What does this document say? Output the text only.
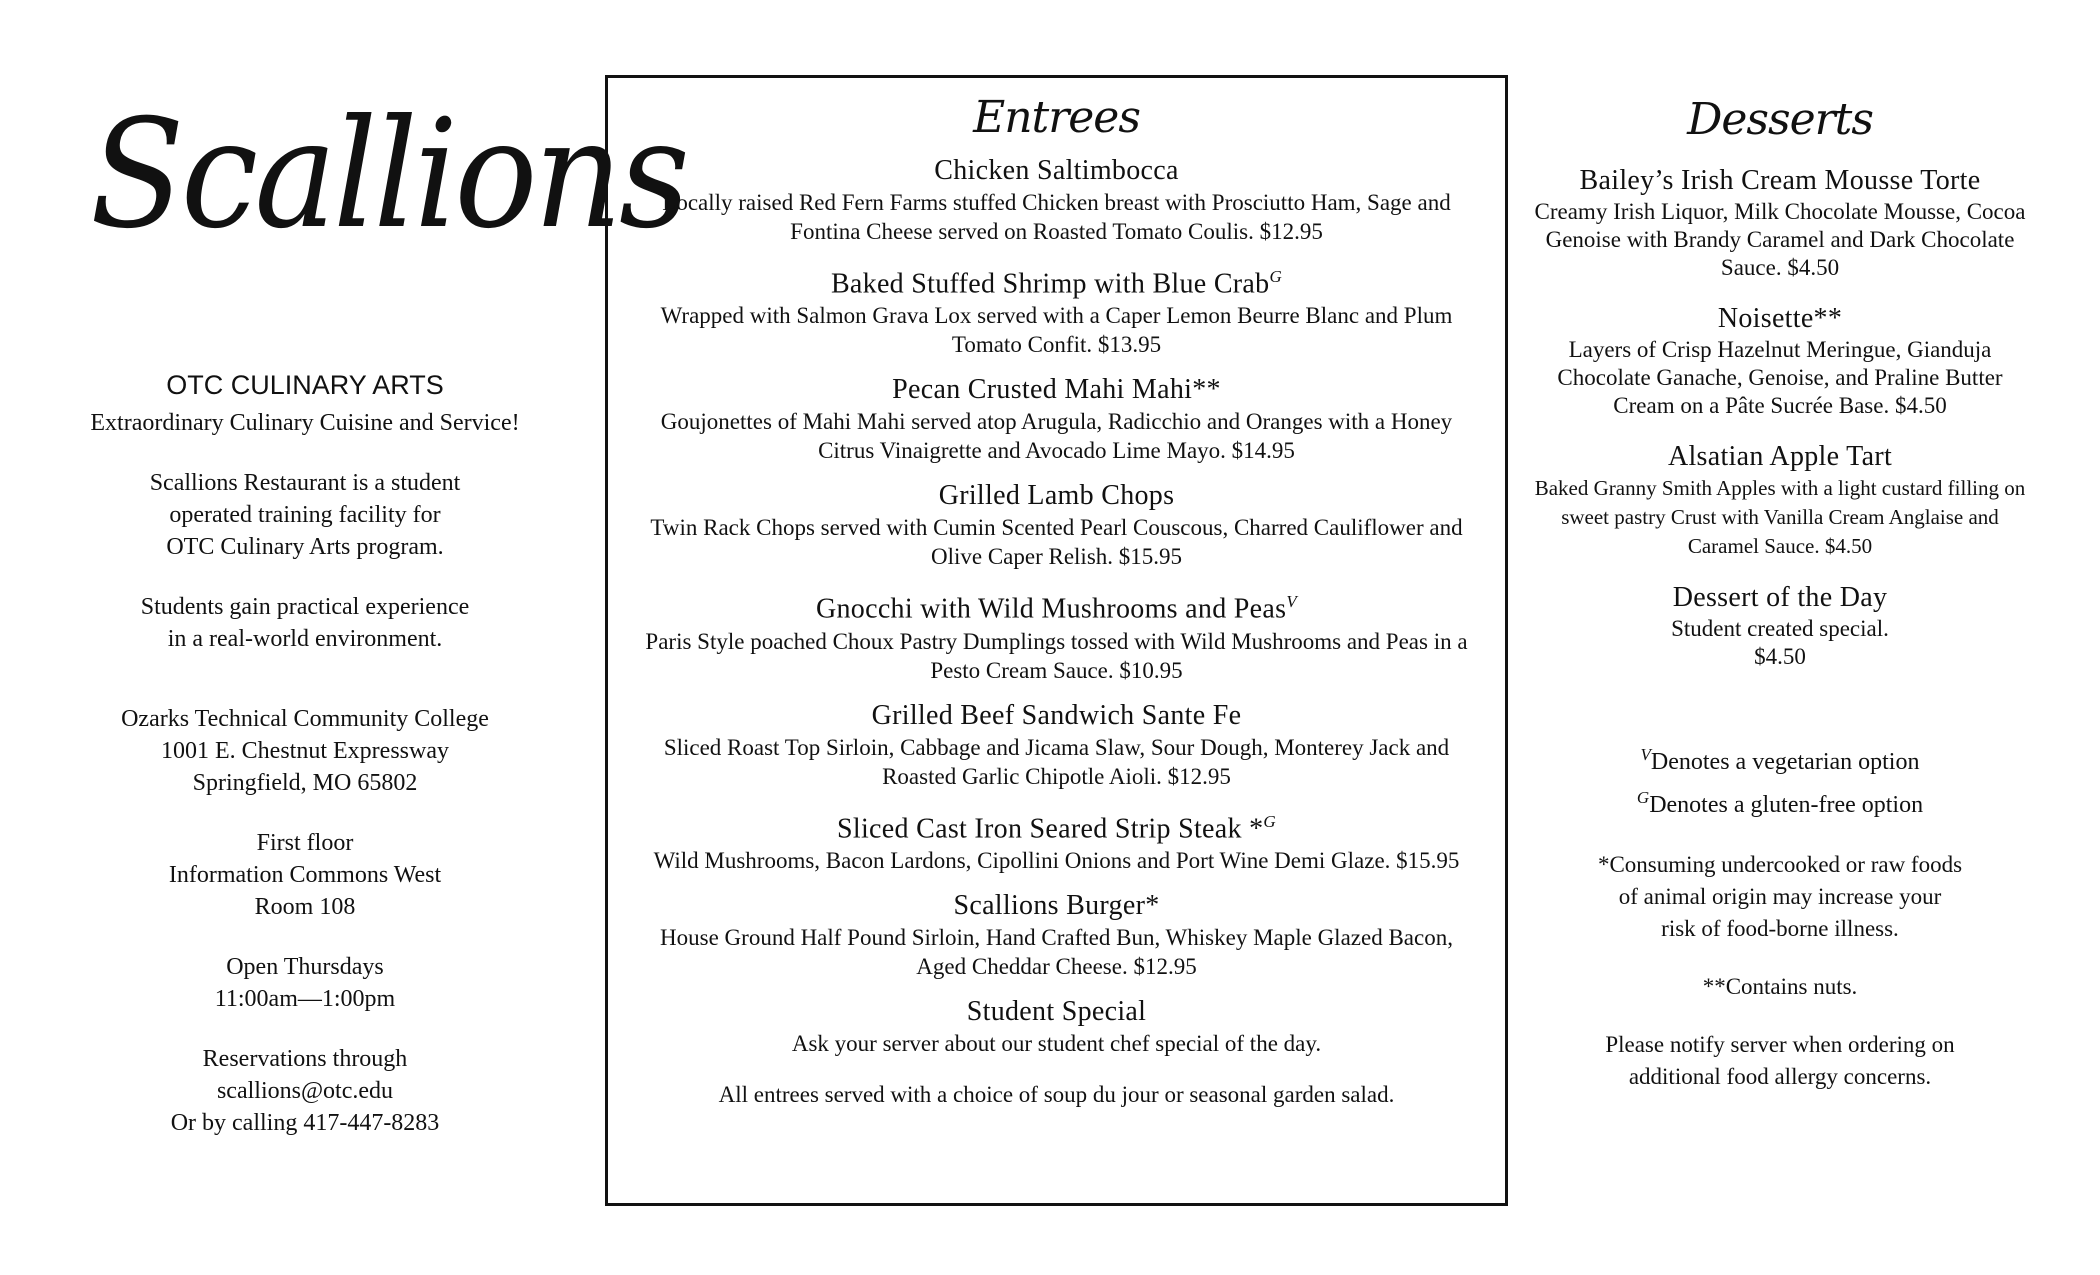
Scallions
OTC CULINARY ARTS

Extraordinary Culinary Cuisine and Service!

Scallions Restaurant is a student

operated training facility for

OTC Culinary Arts program.

Students gain practical experience

in a real-world environment.

Ozarks Technical Community College

1001 E. Chestnut Expressway

Springfield, MO 65802

First floor

Information Commons West

Room 108

Open Thursdays

11:00am—1:00pm

Reservations through

scallions@otc.edu

Or by calling 417-447-8283

Entrees
Chicken Saltimbocca
Locally raised Red Fern Farms stuffed Chicken breast with Prosciutto Ham, Sage and Fontina Cheese served on Roasted Tomato Coulis. $12.95
Baked Stuffed Shrimp with Blue Crab$^G$
Wrapped with Salmon Grava Lox served with a Caper Lemon Beurre Blanc and Plum Tomato Confit. $13.95
Pecan Crusted Mahi Mahi**
Goujonettes of Mahi Mahi served atop Arugula, Radicchio and Oranges with a Honey Citrus Vinaigrette and Avocado Lime Mayo. $14.95
Grilled Lamb Chops
Twin Rack Chops served with Cumin Scented Pearl Couscous, Charred Cauliflower and Olive Caper Relish. $15.95
Gnocchi with Wild Mushrooms and Peas$^V$
Paris Style poached Choux Pastry Dumplings tossed with Wild Mushrooms and Peas in a Pesto Cream Sauce. $10.95
Grilled Beef Sandwich Sante Fe
Sliced Roast Top Sirloin, Cabbage and Jicama Slaw, Sour Dough, Monterey Jack and Roasted Garlic Chipotle Aioli. $12.95
Sliced Cast Iron Seared Strip Steak *$^G$
Wild Mushrooms, Bacon Lardons, Cipollini Onions and Port Wine Demi Glaze. $15.95
Scallions Burger*
House Ground Half Pound Sirloin, Hand Crafted Bun, Whiskey Maple Glazed Bacon, Aged Cheddar Cheese. $12.95
Student Special
Ask your server about our student chef special of the day.
All entrees served with a choice of soup du jour or seasonal garden salad.
Desserts
Bailey’s Irish Cream Mousse Torte
Creamy Irish Liquor, Milk Chocolate Mousse, Cocoa Genoise with Brandy Caramel and Dark Chocolate Sauce. $4.50
Noisette**
Layers of Crisp Hazelnut Meringue, Gianduja Chocolate Ganache, Genoise, and Praline Butter Cream on a Pâte Sucrée Base. $4.50
Alsatian Apple Tart
Baked Granny Smith Apples with a light custard filling on sweet pastry Crust with Vanilla Cream Anglaise and Caramel Sauce. $4.50
Dessert of the Day
Student created special.
$4.50
$^V$Denotes a vegetarian option
$^G$Denotes a gluten-free option
*Consuming undercooked or raw foods
of animal origin may increase your
risk of food-borne illness.
**Contains nuts.
Please notify server when ordering on
additional food allergy concerns.
